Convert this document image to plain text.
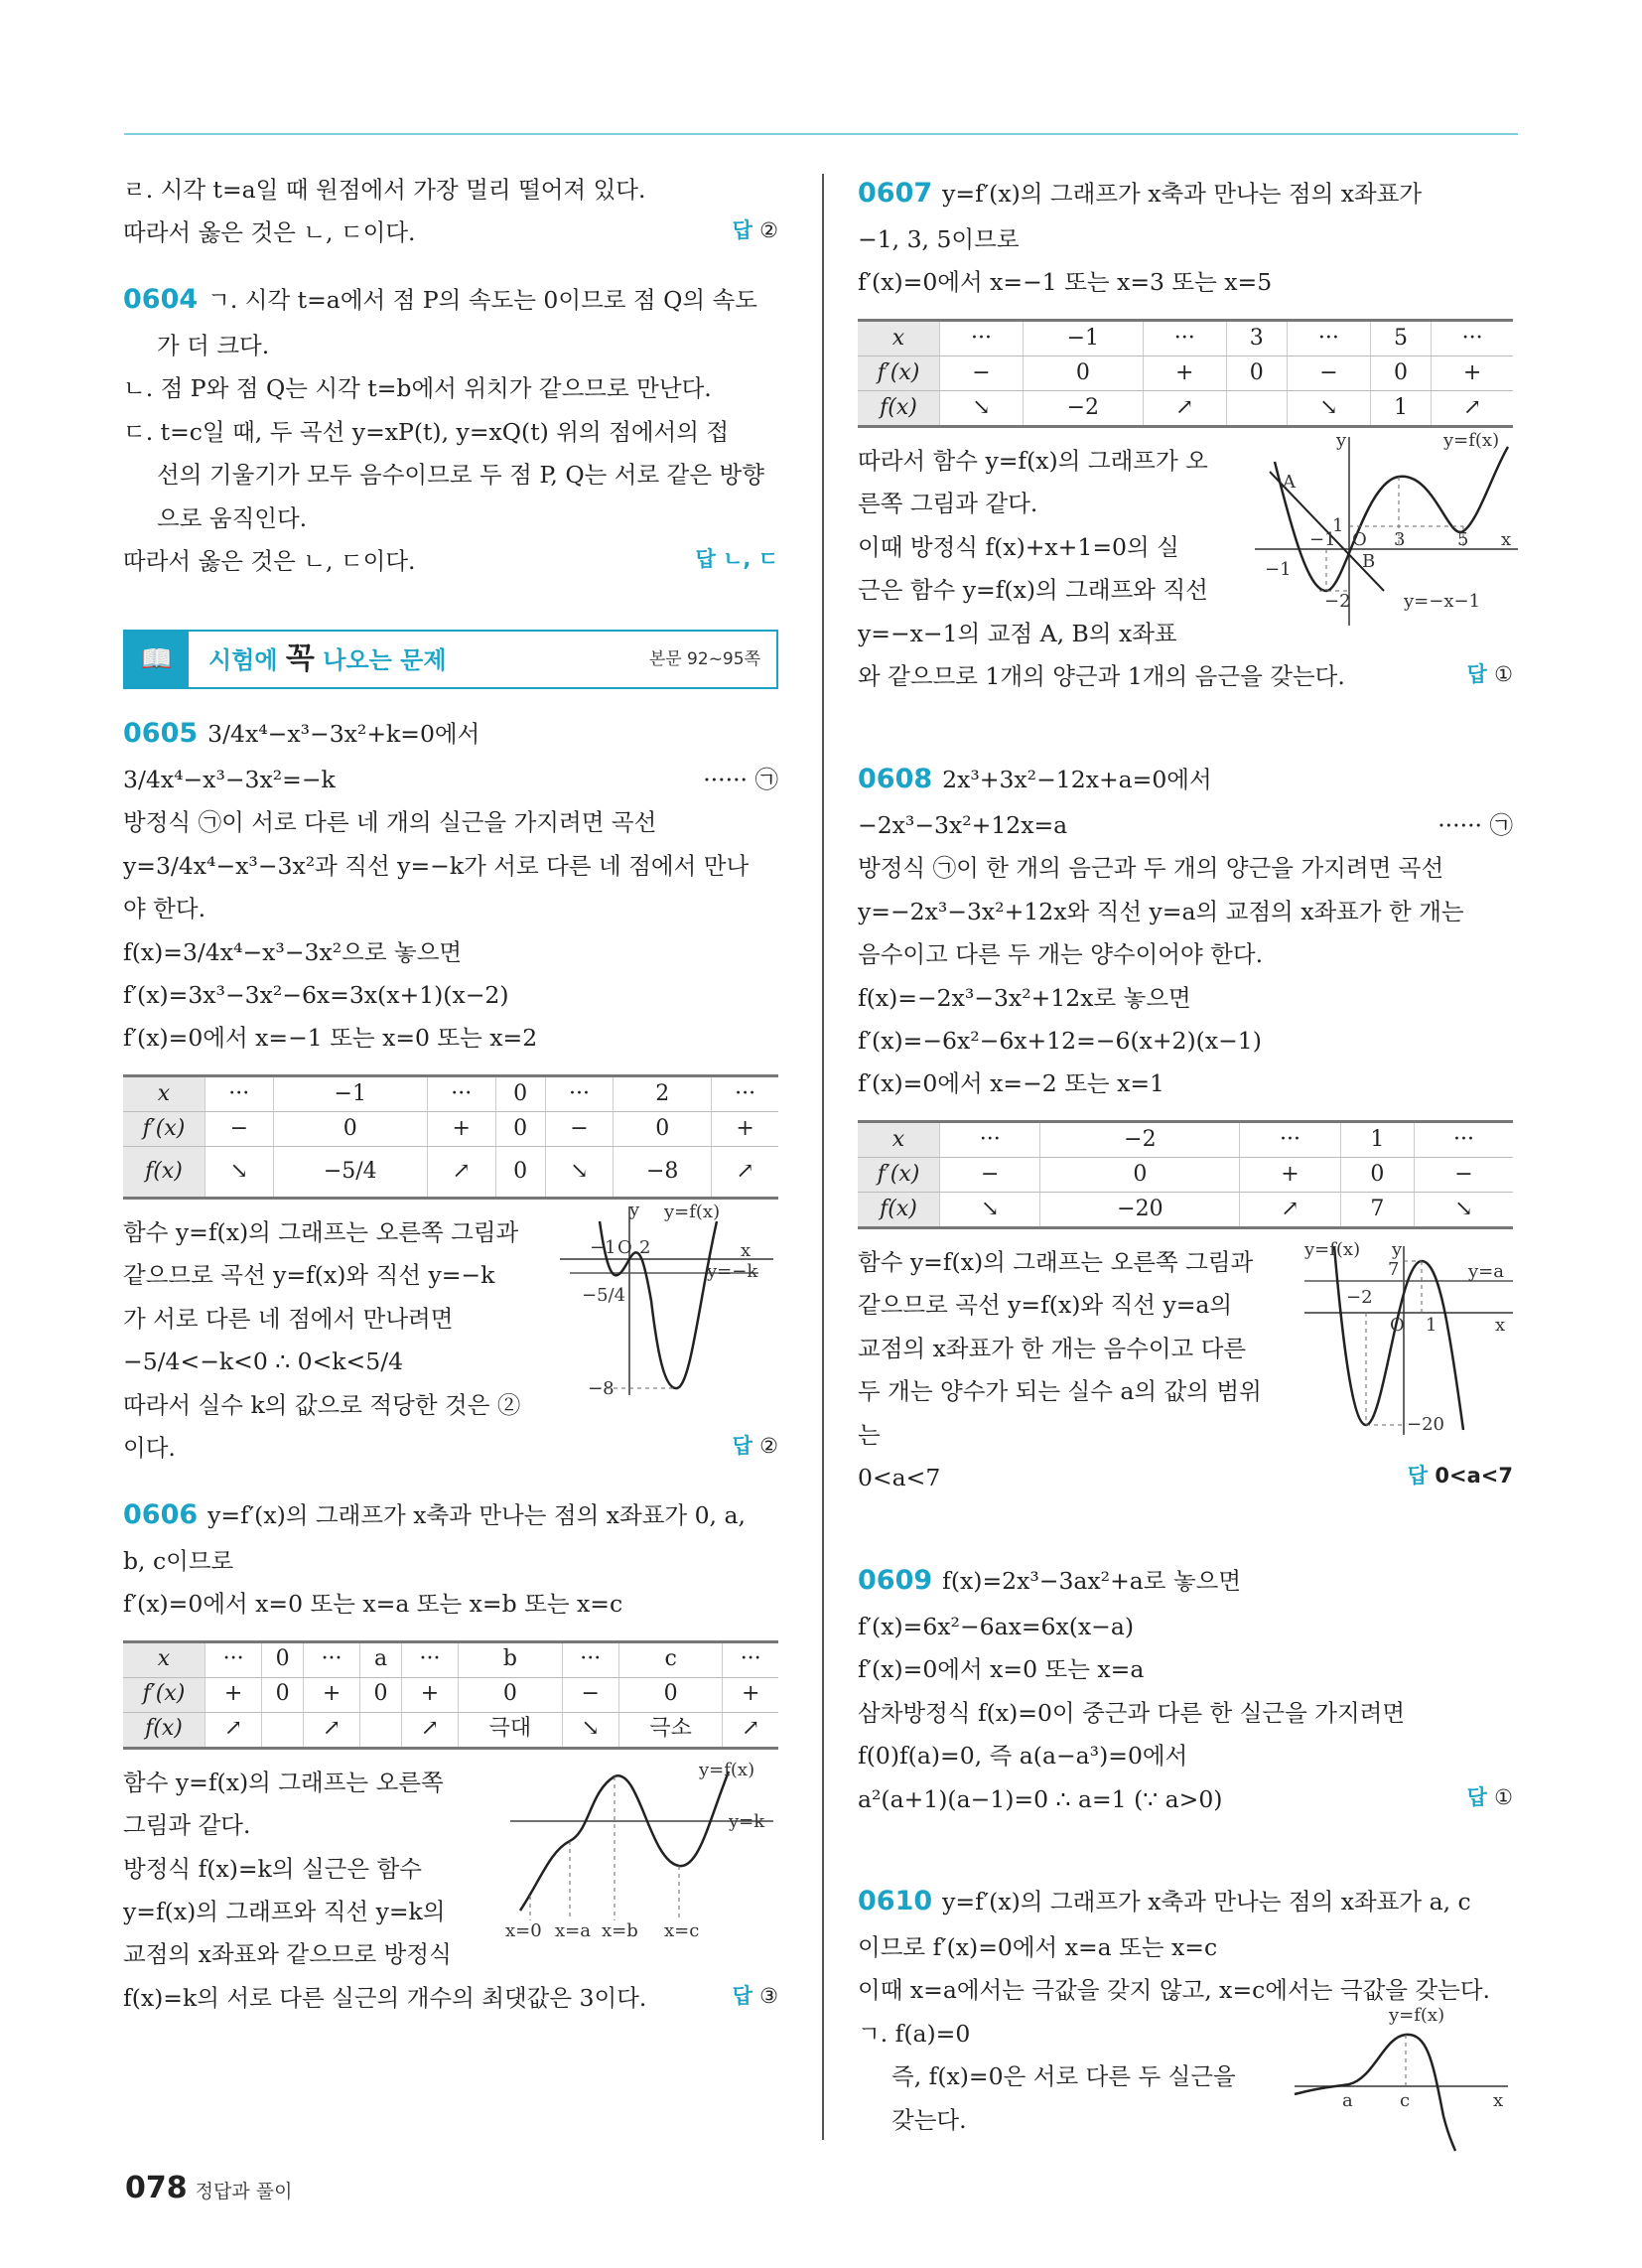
ㄹ. 시각 t=a일 때 원점에서 가장 멀리 떨어져 있다.

따라서 옳은 것은 ㄴ, ㄷ이다.	답 ②

0604 ㄱ. 시각 t=a에서 점 P의 속도는 0이므로 점 Q의 속도

가 더 크다.

ㄴ. 점 P와 점 Q는 시각 t=b에서 위치가 같으므로 만난다.

ㄷ. t=c일 때, 두 곡선 y=xP(t), y=xQ(t) 위의 점에서의 접

선의 기울기가 모두 음수이므로 두 점 P, Q는 서로 같은 방향

으로 움직인다.

따라서 옳은 것은 ㄴ, ㄷ이다.	답 ㄴ, ㄷ

📖	시험에 꼭 나오는 문제	본문 92~95쪽

0605 3/4x⁴−x³−3x²+k=0에서

3/4x⁴−x³−3x²=−k	······ ㉠

방정식 ㉠이 서로 다른 네 개의 실근을 가지려면 곡선

y=3/4x⁴−x³−3x²과 직선 y=−k가 서로 다른 네 점에서 만나

야 한다.

f(x)=3/4x⁴−x³−3x²으로 놓으면

f′(x)=3x³−3x²−6x=3x(x+1)(x−2)

f′(x)=0에서 x=−1 또는 x=0 또는 x=2

x	···	−1	···	0	···	2	···
f′(x)	−	0	+	0	−	0	+
f(x)	↘	−5/4	↗	0	↘	−8	↗

함수 y=f(x)의 그래프는 오른쪽 그림과

같으므로 곡선 y=f(x)와 직선 y=−k

가 서로 다른 네 점에서 만나려면

−5/4<−k<0 ∴ 0<k<5/4

따라서 실수 k의 값으로 적당한 것은 ②

이다.	답 ②

y y=f(x)
x
y=−k
−1 O 2
−5/4
−8

0606 y=f′(x)의 그래프가 x축과 만나는 점의 x좌표가 0, a,

b, c이므로

f′(x)=0에서 x=0 또는 x=a 또는 x=b 또는 x=c

x	···	0	···	a	···	b	···	c	···
f′(x)	+	0	+	0	+	0	−	0	+
f(x)	↗		↗		↗	극대	↘	극소	↗

함수 y=f(x)의 그래프는 오른쪽

그림과 같다.

방정식 f(x)=k의 실근은 함수

y=f(x)의 그래프와 직선 y=k의

교점의 x좌표와 같으므로 방정식

f(x)=k의 서로 다른 실근의 개수의 최댓값은 3이다.	답 ③

y=f(x)
y=k
x=0 x=a x=b x=c

0607 y=f′(x)의 그래프가 x축과 만나는 점의 x좌표가

−1, 3, 5이므로

f′(x)=0에서 x=−1 또는 x=3 또는 x=5

x	···	−1	···	3	···	5	···
f′(x)	−	0	+	0	−	0	+
f(x)	↘	−2	↗		↘	1	↗

따라서 함수 y=f(x)의 그래프가 오

른쪽 그림과 같다.

이때 방정식 f(x)+x+1=0의 실

근은 함수 y=f(x)의 그래프와 직선

y=−x−1의 교점 A, B의 x좌표

와 같으므로 1개의 양근과 1개의 음근을 갖는다.	답 ①

y	y=f(x)
A
B
1
−1
−1
O 3	5 x
−2	y=−x−1

0608 2x³+3x²−12x+a=0에서

−2x³−3x²+12x=a	······ ㉠

방정식 ㉠이 한 개의 음근과 두 개의 양근을 가지려면 곡선

y=−2x³−3x²+12x와 직선 y=a의 교점의 x좌표가 한 개는

음수이고 다른 두 개는 양수이어야 한다.

f(x)=−2x³−3x²+12x로 놓으면

f′(x)=−6x²−6x+12=−6(x+2)(x−1)

f′(x)=0에서 x=−2 또는 x=1

x	···	−2	···	1	···
f′(x)	−	0	+	0	−
f(x)	↘	−20	↗	7	↘

함수 y=f(x)의 그래프는 오른쪽 그림과

같으므로 곡선 y=f(x)와 직선 y=a의

교점의 x좌표가 한 개는 음수이고 다른

두 개는 양수가 되는 실수 a의 값의 범위

는

0<a<7	답 0<a<7

y=f(x) y
7	y=a
−2
O 1	x
−20

0609 f(x)=2x³−3ax²+a로 놓으면

f′(x)=6x²−6ax=6x(x−a)

f′(x)=0에서 x=0 또는 x=a

삼차방정식 f(x)=0이 중근과 다른 한 실근을 가지려면

f(0)f(a)=0, 즉 a(a−a³)=0에서

a²(a+1)(a−1)=0 ∴ a=1 (∵ a>0)	답 ①

0610 y=f′(x)의 그래프가 x축과 만나는 점의 x좌표가 a, c

이므로 f′(x)=0에서 x=a 또는 x=c

이때 x=a에서는 극값을 갖지 않고, x=c에서는 극값을 갖는다.

ㄱ. f(a)=0

즉, f(x)=0은 서로 다른 두 실근을

갖는다.

y=f(x)
a	c	x
078 정답과 풀이
